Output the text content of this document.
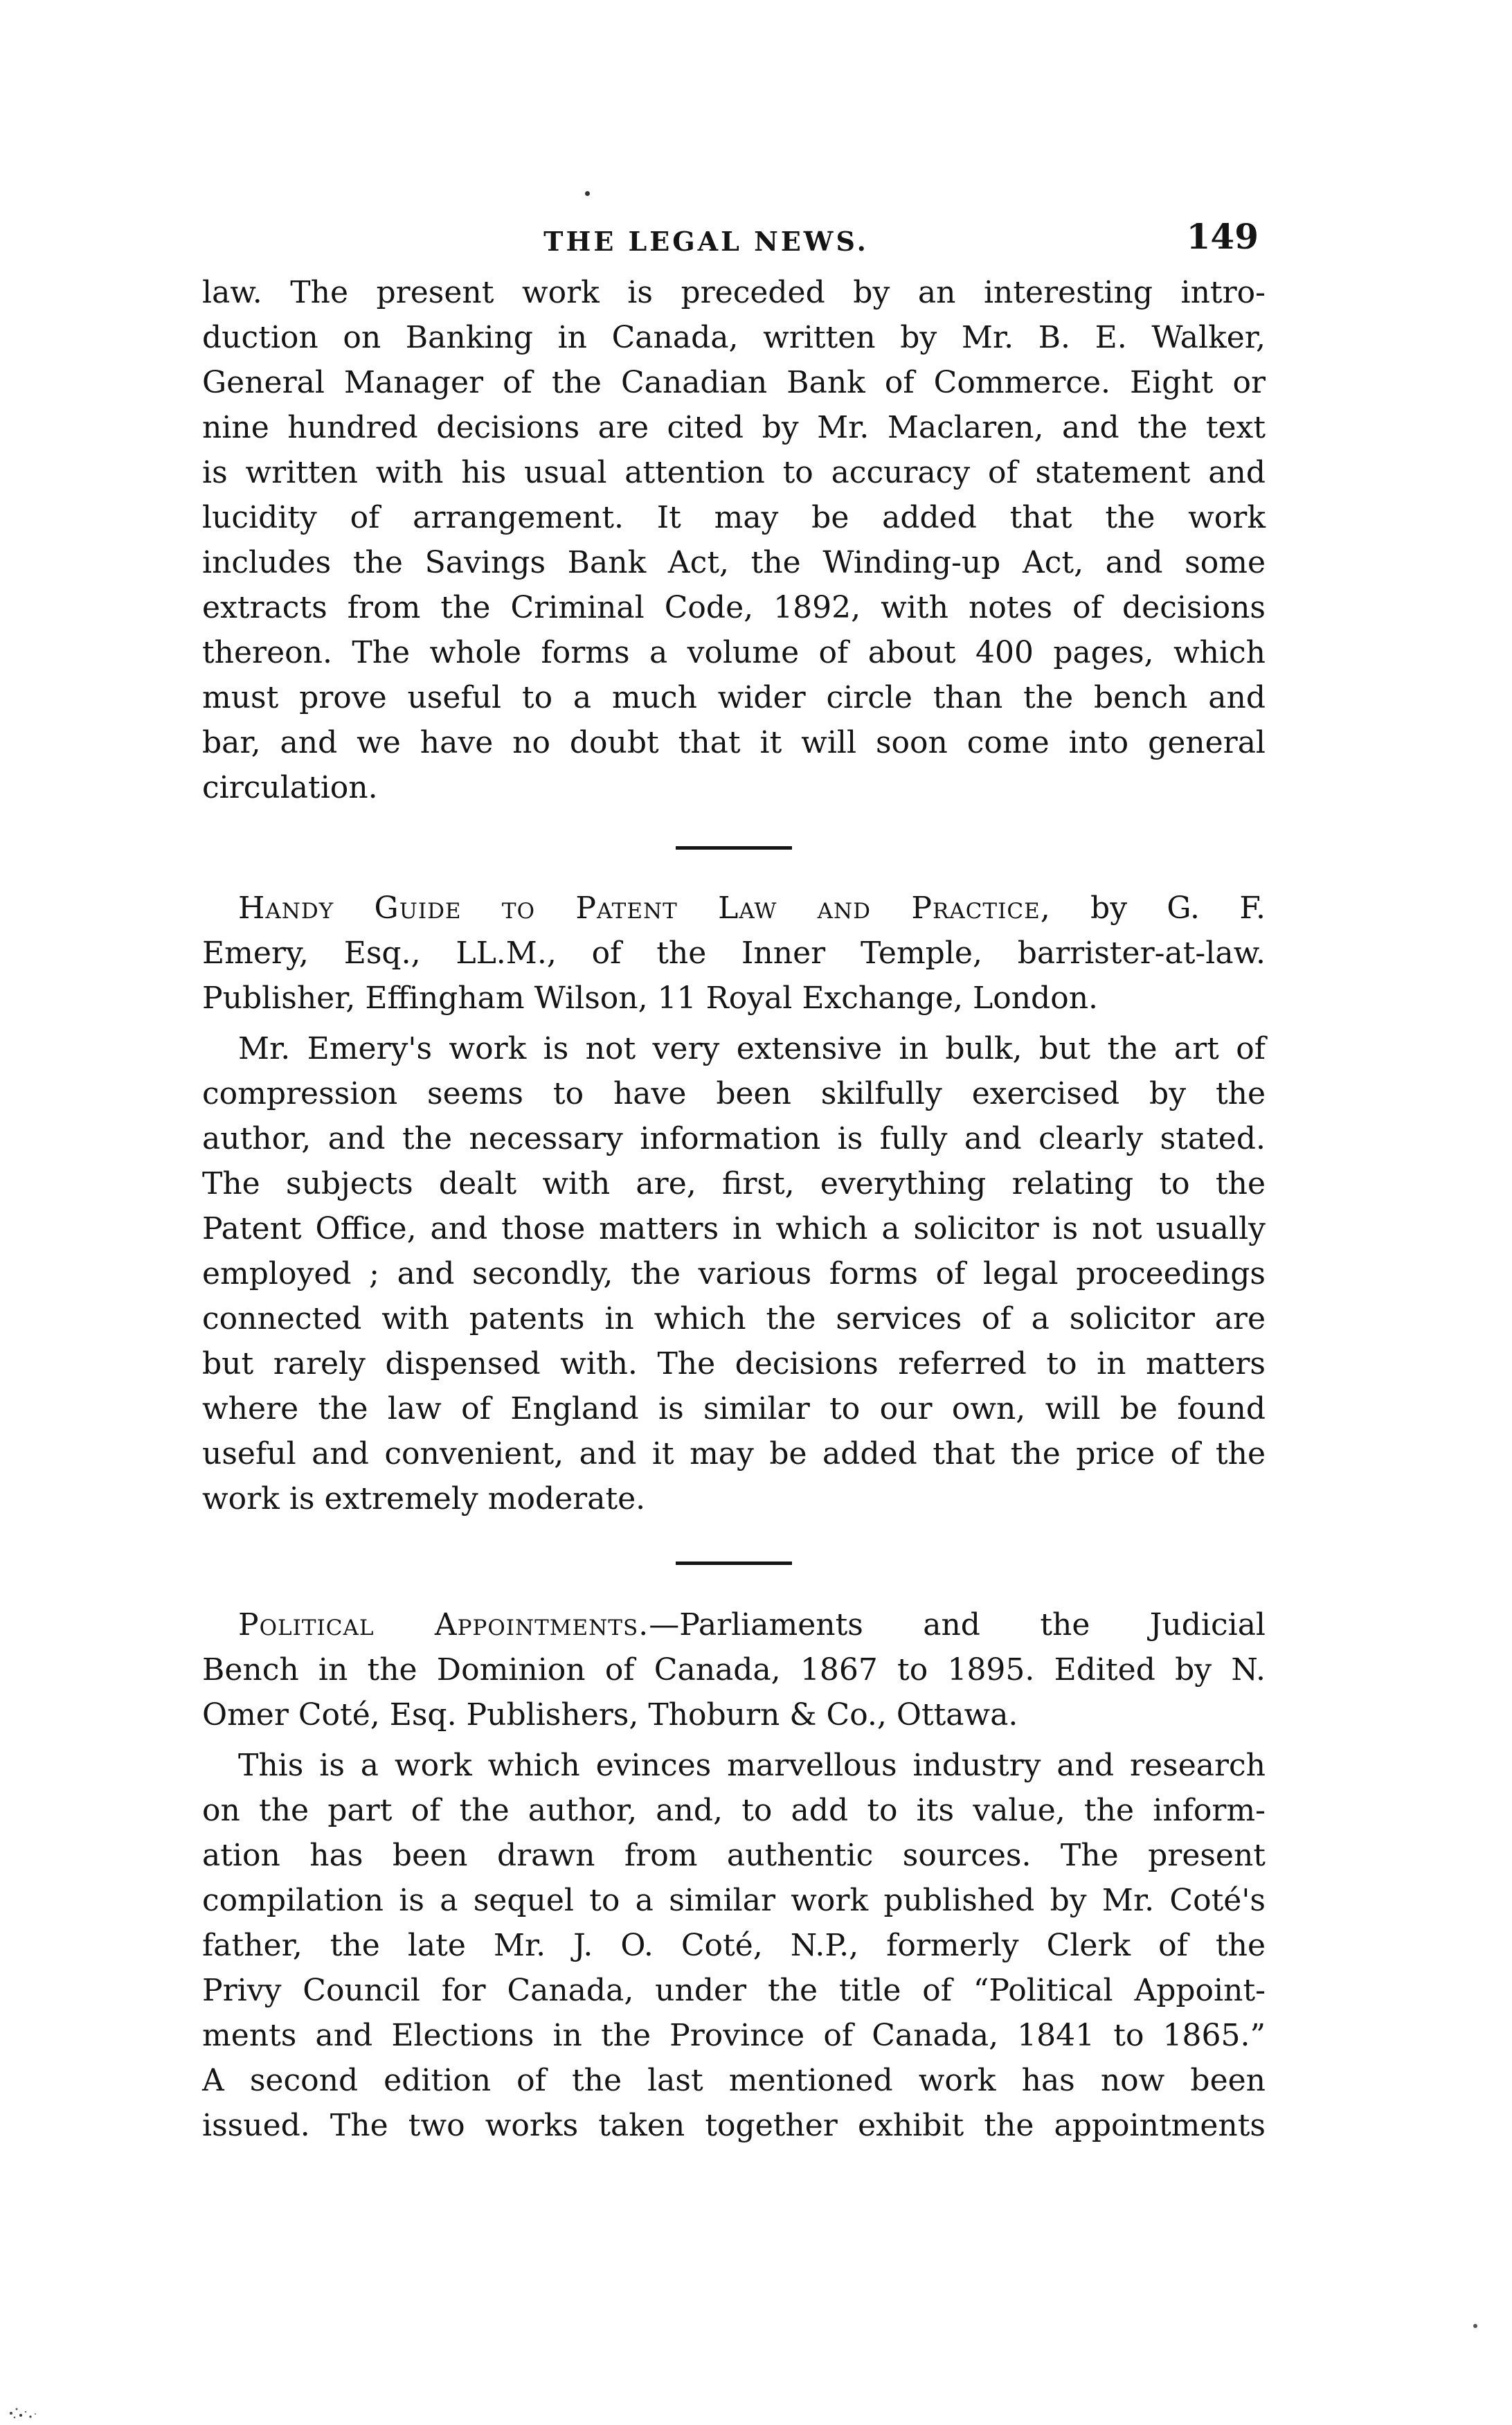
THE LEGAL NEWS.	149

law. The present work is preceded by an interesting intro-

duction on Banking in Canada, written by Mr. B. E. Walker,

General Manager of the Canadian Bank of Commerce. Eight or

nine hundred decisions are cited by Mr. Maclaren, and the text

is written with his usual attention to accuracy of statement and

lucidity of arrangement. It may be added that the work

includes the Savings Bank Act, the Winding-up Act, and some

extracts from the Criminal Code, 1892, with notes of decisions

thereon. The whole forms a volume of about 400 pages, which

must prove useful to a much wider circle than the bench and

bar, and we have no doubt that it will soon come into general

circulation.

Handy Guide to Patent Law and Practice, by G. F.

Emery, Esq., LL.M., of the Inner Temple, barrister-at-law.

Publisher, Effingham Wilson, 11 Royal Exchange, London.

Mr. Emery's work is not very extensive in bulk, but the art of

compression seems to have been skilfully exercised by the

author, and the necessary information is fully and clearly stated.

The subjects dealt with are, first, everything relating to the

Patent Office, and those matters in which a solicitor is not usually

employed ; and secondly, the various forms of legal proceedings

connected with patents in which the services of a solicitor are

but rarely dispensed with. The decisions referred to in matters

where the law of England is similar to our own, will be found

useful and convenient, and it may be added that the price of the

work is extremely moderate.

Political Appointments.—Parliaments and the Judicial

Bench in the Dominion of Canada, 1867 to 1895. Edited by N.

Omer Coté, Esq. Publishers, Thoburn & Co., Ottawa.

This is a work which evinces marvellous industry and research

on the part of the author, and, to add to its value, the inform-

ation has been drawn from authentic sources. The present

compilation is a sequel to a similar work published by Mr. Coté's

father, the late Mr. J. O. Coté, N.P., formerly Clerk of the

Privy Council for Canada, under the title of “Political Appoint-

ments and Elections in the Province of Canada, 1841 to 1865.”

A second edition of the last mentioned work has now been

issued. The two works taken together exhibit the appointments
